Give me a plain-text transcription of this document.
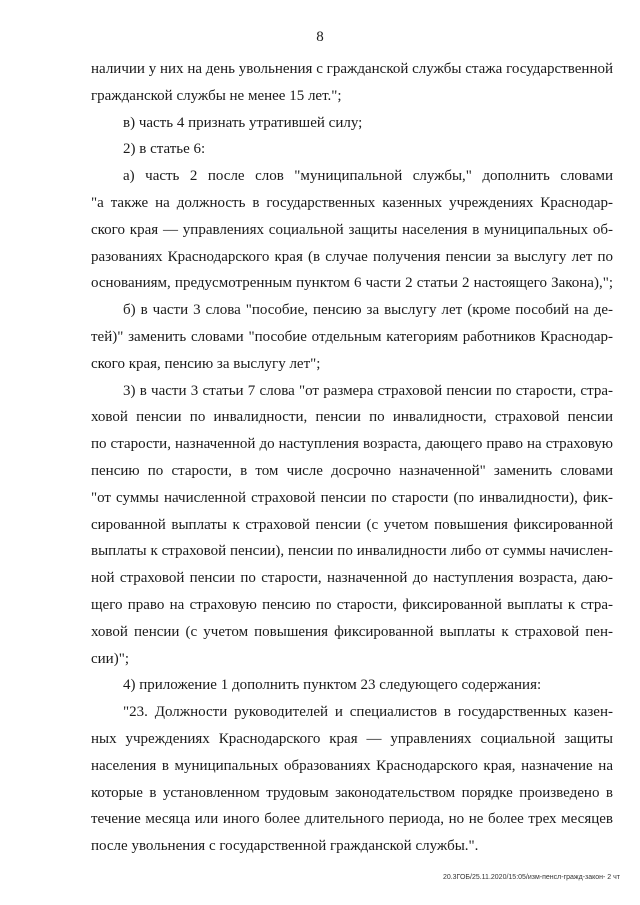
8

наличии у них на день увольнения с гражданской службы стажа государственной

гражданской службы не менее 15 лет.";

в) часть 4 признать утратившей силу;

2) в статье 6:

а) часть 2 после слов "муниципальной службы," дополнить словами

"а также на должность в государственных казенных учреждениях Краснодар-

ского края — управлениях социальной защиты населения в муниципальных об-

разованиях Краснодарского края (в случае получения пенсии за выслугу лет по

основаниям, предусмотренным пунктом 6 части 2 статьи 2 настоящего Закона),";

б) в части 3 слова "пособие, пенсию за выслугу лет (кроме пособий на де-

тей)" заменить словами "пособие отдельным категориям работников Краснодар-

ского края, пенсию за выслугу лет";

3) в части 3 статьи 7 слова "от размера страховой пенсии по старости, стра-

ховой пенсии по инвалидности, пенсии по инвалидности, страховой пенсии

по старости, назначенной до наступления возраста, дающего право на страховую

пенсию по старости, в том числе досрочно назначенной" заменить словами

"от суммы начисленной страховой пенсии по старости (по инвалидности), фик-

сированной выплаты к страховой пенсии (с учетом повышения фиксированной

выплаты к страховой пенсии), пенсии по инвалидности либо от суммы начислен-

ной страховой пенсии по старости, назначенной до наступления возраста, даю-

щего право на страховую пенсию по старости, фиксированной выплаты к стра-

ховой пенсии (с учетом повышения фиксированной выплаты к страховой пен-

сии)";

4) приложение 1 дополнить пунктом 23 следующего содержания:

"23. Должности руководителей и специалистов в государственных казен-

ных учреждениях Краснодарского края — управлениях социальной защиты

населения в муниципальных образованиях Краснодарского края, назначение на

которые в установленном трудовым законодательством порядке произведено в

течение месяца или иного более длительного периода, но не более трех месяцев

после увольнения с государственной гражданской службы.".

20.3ГОБ/25.11.2020/15:05/изм-пенсл-гражд-закон- 2 чт
